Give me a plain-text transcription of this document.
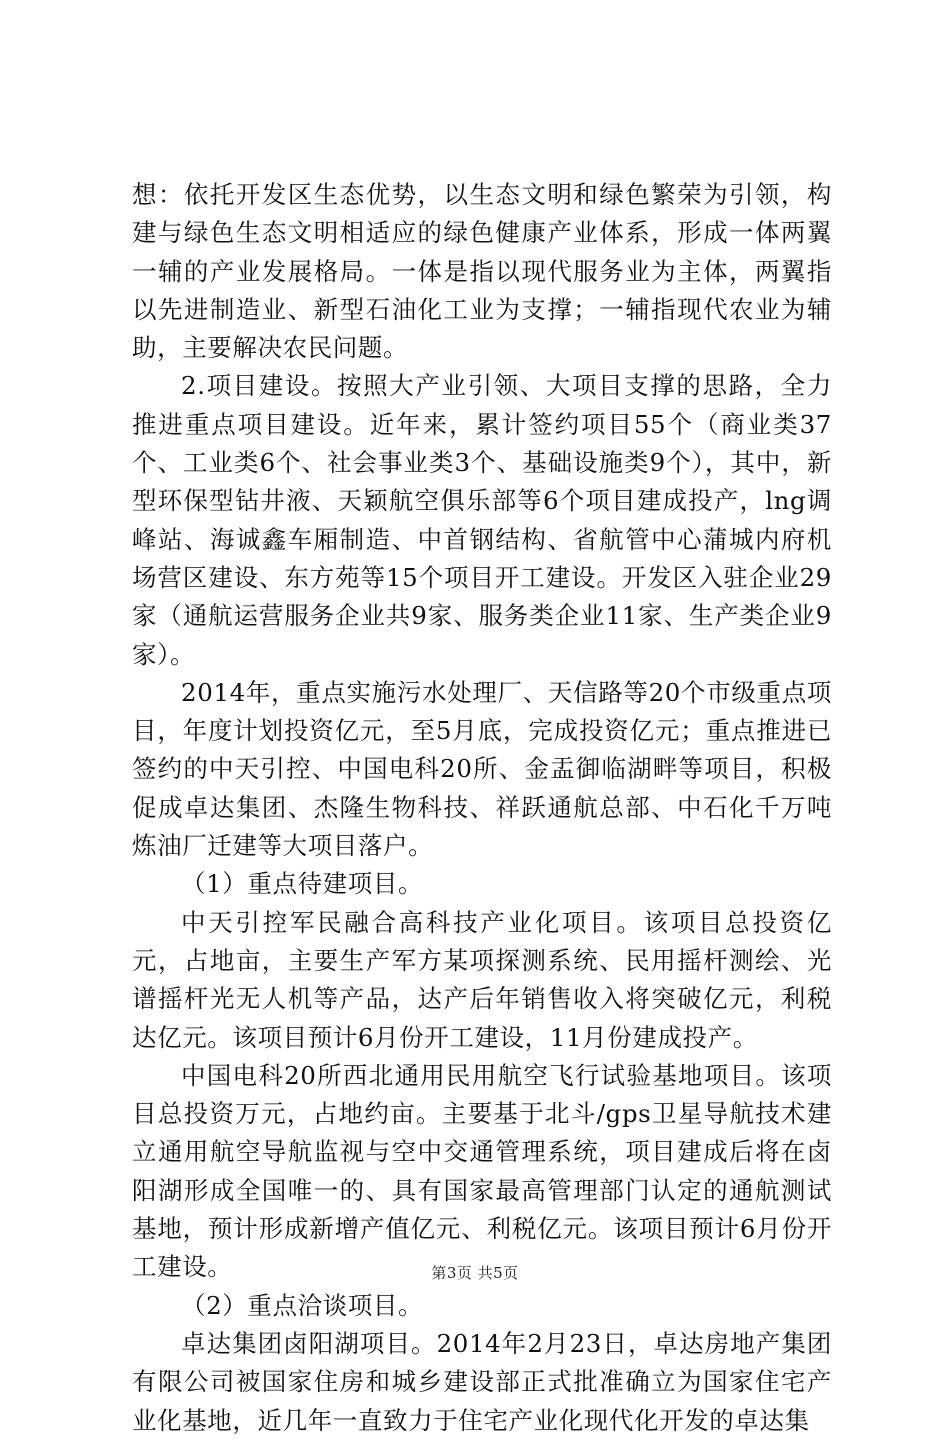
想：依托开发区生态优势，以生态文明和绿色繁荣为引领，构建与绿色生态文明相适应的绿色健康产业体系，形成一体两翼一辅的产业发展格局。一体是指以现代服务业为主体，两翼指以先进制造业、新型石油化工业为支撑；一辅指现代农业为辅助，主要解决农民问题。

2.项目建设。按照大产业引领、大项目支撑的思路，全力推进重点项目建设。近年来，累计签约项目55个（商业类37个、工业类6个、社会事业类3个、基础设施类9个），其中，新型环保型钻井液、天颖航空俱乐部等6个项目建成投产，lng调峰站、海诚鑫车厢制造、中首钢结构、省航管中心蒲城内府机场营区建设、东方苑等15个项目开工建设。开发区入驻企业29家（通航运营服务企业共9家、服务类企业11家、生产类企业9家）。

2014年，重点实施污水处理厂、天信路等20个市级重点项目，年度计划投资亿元，至5月底，完成投资亿元；重点推进已签约的中天引控、中国电科20所、金盂御临湖畔等项目，积极促成卓达集团、杰隆生物科技、祥跃通航总部、中石化千万吨炼油厂迁建等大项目落户。

（1）重点待建项目。

中天引控军民融合高科技产业化项目。该项目总投资亿元，占地亩，主要生产军方某项探测系统、民用摇杆测绘、光谱摇杆光无人机等产品，达产后年销售收入将突破亿元，利税达亿元。该项目预计6月份开工建设，11月份建成投产。

中国电科20所西北通用民用航空飞行试验基地项目。该项目总投资万元，占地约亩。主要基于北斗/gps卫星导航技术建立通用航空导航监视与空中交通管理系统，项目建成后将在卤阳湖形成全国唯一的、具有国家最高管理部门认定的通航测试基地，预计形成新增产值亿元、利税亿元。该项目预计6月份开工建设。

（2）重点洽谈项目。

卓达集团卤阳湖项目。2014年2月23日，卓达房地产集团有限公司被国家住房和城乡建设部正式批准确立为国家住宅产业化基地，近几年一直致力于住宅产业化现代化开发的卓达集

第3页 共5页
